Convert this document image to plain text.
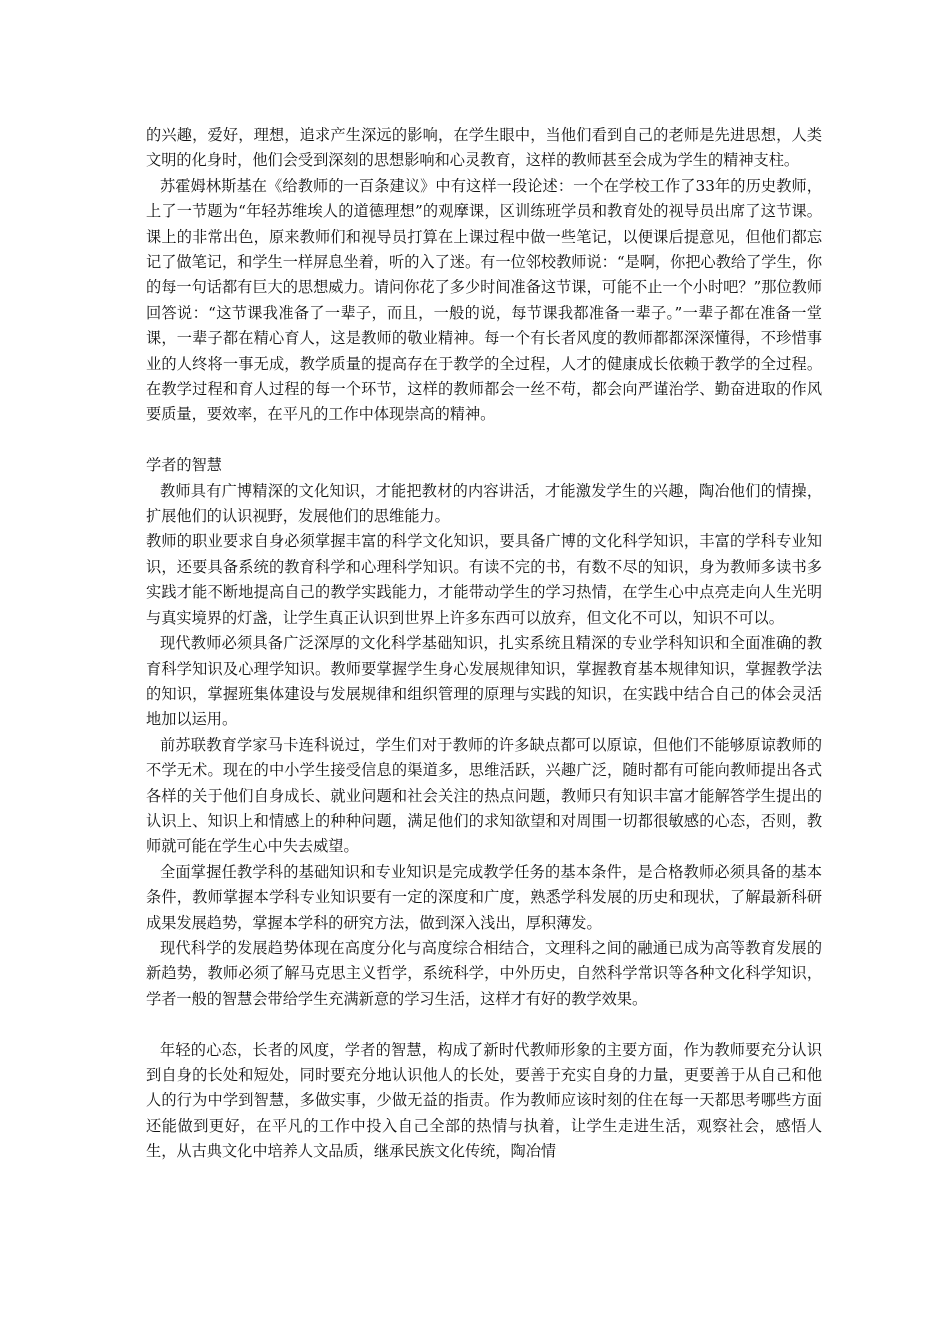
的兴趣，爱好，理想，追求产生深远的影响，在学生眼中，当他们看到自己的老师是先进思想，人类文明的化身时，他们会受到深刻的思想影响和心灵教育，这样的教师甚至会成为学生的精神支柱。

苏霍姆林斯基在《给教师的一百条建议》中有这样一段论述：一个在学校工作了33年的历史教师，上了一节题为“年轻苏维埃人的道德理想”的观摩课，区训练班学员和教育处的视导员出席了这节课。课上的非常出色，原来教师们和视导员打算在上课过程中做一些笔记，以便课后提意见，但他们都忘记了做笔记，和学生一样屏息坐着，听的入了迷。有一位邻校教师说：“是啊，你把心教给了学生，你的每一句话都有巨大的思想威力。请问你花了多少时间准备这节课，可能不止一个小时吧？”那位教师回答说：“这节课我准备了一辈子，而且，一般的说，每节课我都准备一辈子。”一辈子都在准备一堂课，一辈子都在精心育人，这是教师的敬业精神。每一个有长者风度的教师都都深深懂得，不珍惜事业的人终将一事无成，教学质量的提高存在于教学的全过程，人才的健康成长依赖于教学的全过程。在教学过程和育人过程的每一个环节，这样的教师都会一丝不苟，都会向严谨治学、勤奋进取的作风要质量，要效率，在平凡的工作中体现崇高的精神。

学者的智慧

教师具有广博精深的文化知识，才能把教材的内容讲活，才能激发学生的兴趣，陶冶他们的情操，扩展他们的认识视野，发展他们的思维能力。

教师的职业要求自身必须掌握丰富的科学文化知识，要具备广博的文化科学知识，丰富的学科专业知识，还要具备系统的教育科学和心理科学知识。有读不完的书，有数不尽的知识，身为教师多读书多实践才能不断地提高自己的教学实践能力，才能带动学生的学习热情，在学生心中点亮走向人生光明与真实境界的灯盏，让学生真正认识到世界上许多东西可以放弃，但文化不可以，知识不可以。

现代教师必须具备广泛深厚的文化科学基础知识，扎实系统且精深的专业学科知识和全面准确的教育科学知识及心理学知识。教师要掌握学生身心发展规律知识，掌握教育基本规律知识，掌握教学法的知识，掌握班集体建设与发展规律和组织管理的原理与实践的知识，在实践中结合自己的体会灵活地加以运用。

前苏联教育学家马卡连科说过，学生们对于教师的许多缺点都可以原谅，但他们不能够原谅教师的不学无术。现在的中小学生接受信息的渠道多，思维活跃，兴趣广泛，随时都有可能向教师提出各式各样的关于他们自身成长、就业问题和社会关注的热点问题，教师只有知识丰富才能解答学生提出的认识上、知识上和情感上的种种问题，满足他们的求知欲望和对周围一切都很敏感的心态，否则，教师就可能在学生心中失去威望。

全面掌握任教学科的基础知识和专业知识是完成教学任务的基本条件，是合格教师必须具备的基本条件，教师掌握本学科专业知识要有一定的深度和广度，熟悉学科发展的历史和现状，了解最新科研成果发展趋势，掌握本学科的研究方法，做到深入浅出，厚积薄发。

现代科学的发展趋势体现在高度分化与高度综合相结合，文理科之间的融通已成为高等教育发展的新趋势，教师必须了解马克思主义哲学，系统科学，中外历史，自然科学常识等各种文化科学知识，学者一般的智慧会带给学生充满新意的学习生活，这样才有好的教学效果。

年轻的心态，长者的风度，学者的智慧，构成了新时代教师形象的主要方面，作为教师要充分认识到自身的长处和短处，同时要充分地认识他人的长处，要善于充实自身的力量，更要善于从自己和他人的行为中学到智慧，多做实事，少做无益的指责。作为教师应该时刻的住在每一天都思考哪些方面还能做到更好，在平凡的工作中投入自己全部的热情与执着，让学生走进生活，观察社会，感悟人生，从古典文化中培养人文品质，继承民族文化传统，陶冶情
